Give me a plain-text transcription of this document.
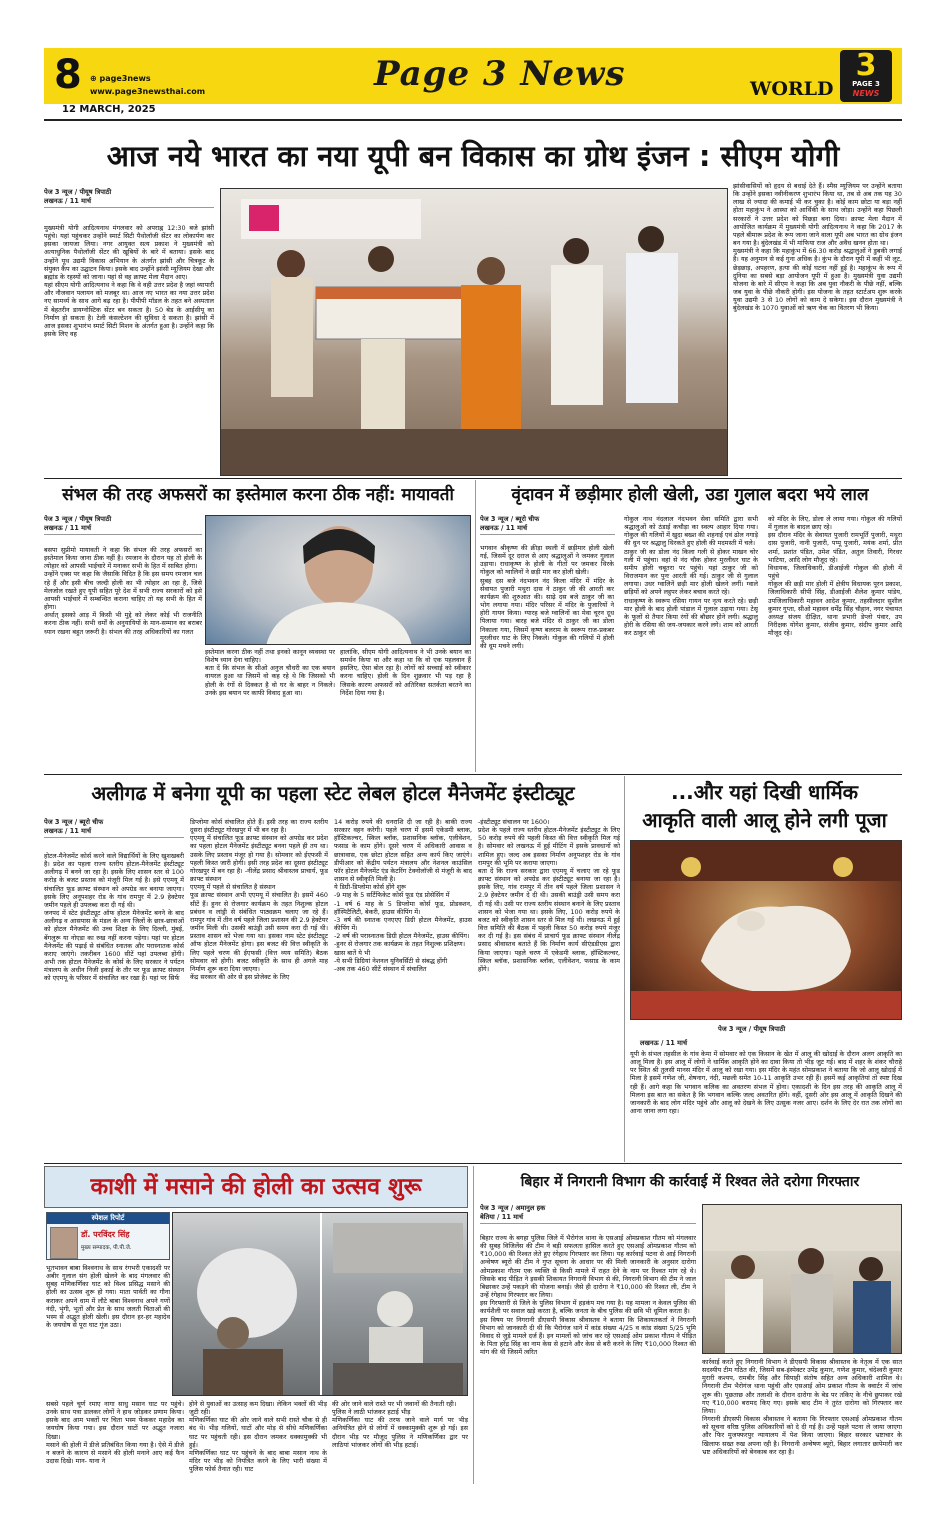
8 ⊕ page3news
www.page3newsthai.com
12 MARCH, 2025
Page 3 News	WORLD
3
PAGE 3
NEWS
आज नये भारत का नया यूपी बन विकास का ग्रोथ इंजन : सीएम योगी
पेज 3 न्यूज / पीयूष त्रिपाठी
लखनऊ / 11 मार्च
मुख्यमंत्री योगी आदित्यनाथ मंगलवार को अपराह्न 12:30 बजे झांसी पहुंचे। यहां पहुंचकर उन्होंने स्मार्ट सिटी पैथोलॉजी सेंटर का लोकार्पण कर इसका जायजा लिया। नगर आयुक्त सत्य प्रकाश ने मुख्यमंत्री को अत्याधुनिक पैथोलॉजी सेंटर की खूबियों के बारे में बताया। इसके बाद उन्होंने यूथ उद्यमी विकास अभियान के अंतर्गत झांसी और चित्रकूट के संयुक्त कैंप का उद्घाटन किया। इसके बाद उन्होंने झांसी म्यूजियम देखा और ब्रह्मांड के रहस्यों को जाना। यहां से वह क्राफ्ट मेला मैदान आए।
यहां सीएम योगी आदित्यनाथ ने कहा कि वे वही उत्तर प्रदेश है जहां व्यापारी और नौजवान पलायन को मजबूर था। आज नए भारत का नया उत्तर प्रदेश नए सामर्थ्य के साथ आगे बढ़ रहा है। पीपीपी मॉडल के तहत बने अस्पताल में बेहतरीन डायग्नोस्टिक सेंटर बन सकता है। 50 बेड के आईसीयू का निर्माण हो सकता है। टेली कंसल्टेशन की सुविधा दे सकता है। झांसी में आज इसका शुभारंभ स्मार्ट सिटी मिशन के अंतर्गत हुआ है। उन्होंने कहा कि इसके लिए वह
झांसीवासियों को हृदय से बधाई देते हैं। स्मैस म्यूजियम पर उन्होंने बताया कि उन्होंने इसका नवीनीकरण शुभारंभ किया था, तब से अब तक यह 30 लाख से ज्यादा की कमाई भी कर चुका है। कोई काम छोटा या बड़ा नहीं होता महाकुंभ ने आस्था को आर्थिकी के साथ जोड़ा। उन्होंने कहा पिछली सरकारों ने उत्तर प्रदेश को पिछड़ा बना दिया। क्राफ्ट मेला मैदान में आयोजित कार्यक्रम में मुख्यमंत्री योगी आदित्यनाथ ने कहा कि 2017 के पहले बीमारू प्रदेश के रूप जाना जाने वाला यूपी अब भारत का ग्रोथ इंजन बन गया है। बुंदेलखंड में भी मांफिया राज और अवैध खनन होता था।
मुख्यमंत्री ने कहा कि महाकुंभ में 66.30 करोड़ श्रद्धालुओं ने डुबकी लगाई है। यह अनुमान से कई गुना अधिक है। कुंभ के दौरान यूपी में कहीं भी लूट, छेड़छाड़, अपहरण, हत्या की कोई घटना नहीं हुई है। महाकुंभ के रूप में दुनिया का सबसे बड़ा आयोजन यूपी में हुआ है। मुख्यमंत्री युवा उद्यमी योजना के बारे में सीएम ने कहा कि अब युवा नौकरी के पीछे नहीं, बल्कि जब युवा के पीछे नौकरी होगी। इस योजना के तहत स्टार्टअप शुरू करके युवा उद्यमी 3 से 10 लोगों को काम दे सकेगा। इस दौरान मुख्यमंत्री ने बुंदेलखंड के 1070 युवाओं को ऋण चेक का वितरण भी किया।
संभल की तरह अफसरों का इस्तेमाल करना ठीक नहीं: मायावती
पेज 3 न्यूज / पीयूष त्रिपाठी
लखनऊ / 11 मार्च
बसपा सुप्रीमो मायावती ने कहा कि संभल की तरह अफसरों का इस्तेमाल किया जाना ठीक नहीं है। रमजान के दौरान यह तो होली के त्योहार को आपसी भाईचारे में मनाकर सभी के हित में साबित होगा।
उन्होंने एक्स पर कहा कि जैसाकि विदित है कि इस समय रमजान चल रहे हैं और इसी बीच जल्दी होली का भी त्योहार आ रहा है, जिसे मेलजोल रखते हुए यूपी सहित पूरे देश में सभी राज्य सरकारों को इसे आपसी भाईचारे में सम्बन्धित कराना चाहिए तो यह सभी के हित में होगा।
अर्थात् इसको आड़ में किसी भी मुद्दे को लेकर कोई भी राजनीति करना ठीक नहीं। सभी धर्मों के अनुयायियों के मान-सम्मान का बराबर ध्यान रखना बहुत जरूरी है। संभल की तरह अधिकारियों का गलत
इस्तेमाल करना ठीक नहीं तथा इनको कानून व्यवस्था पर विशेष ध्यान देना चाहिए।
बता दें कि संभल के सीओ अनुज चौधरी का एक बयान वायरल हुआ था जिसमें वो कह रहे थे कि जिसको भी होली के रंगों से दिक्कत है वो घर के बाहर न निकले। उनके इस बयान पर काफी विवाद हुआ था।
हालांकि, सीएम योगी आदित्यनाथ ने भी उनके बयान का समर्थन किया था और कहा था कि वो एक पहलवान हैं इसलिए, ऐसा बोल रहा है। लोगों को सच्चाई को स्वीकार करना चाहिए। होली के दिन शुक्रवार भी पड़ रहा है जिसके कारण अफसरों को अतिरिक्त सतर्कता बरतने का निर्देश दिया गया है।
वृंदावन में छड़ीमार होली खेली, उडा गुलाल बदरा भये लाल
पेज 3 न्यूज / ब्यूरो चीफ
लखनऊ / 11 मार्च
भगवान श्रीकृष्ण की क्रीड़ा स्थली में छड़ीमार होली खेली गई, जिसमें दूर दराज से आए श्रद्धालुओं ने जमकर गुलाल उड़ाया। राधाकृष्ण के होली के गीतों पर जमकर थिरके गोकुल को ग्वालिनों ने छड़ी मार कर होली खेली।
सुबह दस बजे नंदभवन नंद किला मंदिर में मंदिर के सेवायत पुजारी मथुरा दास ने ठाकुर जी की आरती कर कार्यक्रम की शुरुआत की। साढ़े दस बजे ठाकुर जी का भोग लगाया गया। मंदिर परिसर में मंदिर के पुजारियों ने होरी गायन किया। ग्यारह बजे ग्वालिनों का मेवा चूरन दूध पिलाया गया। बारह बजे मंदिर से ठाकुर जी का डोला निकाला गया, जिसमें कृष्ण बलराम के स्वरूप राज-प्रकबर मुरलीधर घाट के लिए निकले। गोकुल की गलियों में होली की धूम मचने लगी।
गोकुल नाथ नंदलाल नंदभवन सेवा समिति द्वारा सभी श्रद्धालुओं को ठंडाई कचौड़ा का स्वल्प आहार दिया गया। गोकुल की गलियों में खुदा बख्श की शहनाई एवं ढोल नगाड़े की धुन पर श्रद्धालु थिरकते हुए होली की मदमस्ती में चले।
ठाकुर जी का डोला नंद किला गली से होकर माखन चोर गली में पहुंचा। वहां से नंद चौक होकर मुरलीधर घाट के समीप होली चबूतरा पर पहुंचे। यहां ठाकुर जी को विराजमान कर पुनः आरती की गई। ठाकुर जी से गुलाल लगाया। उधर ग्वालिनें छड़ी मार होली खेलने लगीं। ग्वाले छड़ियों को अपने लट्ठपर लेकर बचाव करते रहे।
राधाकृष्ण के स्वरूप रसिया गायन पर नृत्य करते रहे। छड़ी मार होली के बाद होली पांडाल में गुलाल उड़ाया गया। टेसू के फूलों से तैयार किया रंगों की बौछार होने लगी। श्रद्धालु होरी के रसिया की जय-जयकार करने लगे। शाम को आरती कर ठाकुर जी
को मंदिर के लिए, डोला ले लाया गया। गोकुल की गलियों में गुलाल के बादल छाए रहे।
इस दौरान मंदिर के सेवायत पुजारी रामभूर्ति पुजारी, मथुरा दास पुजारी, नानी पुजारी, पप्पू पुजारी, मयंक शर्मा, प्रीत शर्मा, प्रशांत पंडित, उमेश पंडित, अतुल तिवारी, गिरधर भाटिया, आदि लोग मौजूद रहे।
विधायक, जिलाधिकारी, डीआईजी गोकुल की होली में पहुंचे
गोकुल की छड़ी मार होली में क्षेत्रीय विधायक पूरन प्रकाश, जिलाधिकारी सीपी सिंह, डीआईजी शैलेश कुमार पांडेय, उपजिलाधिकारी महावन आदेश कुमार, तहसीलदार सुशील कुमार गुप्ता, सीओ महावन धर्मेंद्र सिंह चौहान, नगर पंचायत अध्यक्ष संजय दीक्षित, थाना प्रभारी डेप्लो पंवार, उप निरीक्षक योगेश कुमार, संजीव कुमार, संदीप कुमार आदि मौजूद रहे।
अलीगढ में बनेगा यूपी का पहला स्टेट लेबल होटल मैनेजमेंट इंस्टीट्यूट
पेज 3 न्यूज / ब्यूरो चीफ
लखनऊ / 11 मार्च
होटल-मैनेजमेंट कोर्स करने वाले विद्यार्थियों के लिए खुशखबरी है। प्रदेश का पहला राज्य स्तरीय होटल-मैनेजमेंट इंस्टीट्यूट अलीगढ़ में बनने जा रहा है। इसके लिए शासन स्तर से 100 करोड़ के बजट प्रस्ताव को मंजूरी मिल गई है। इसे एएमयू में संचालित फूड क्राफ्ट संस्थान को अपग्रेड कर बनाया जाएगा। इसके लिए अनूपशहर रोड के गांव रामपुर में 2.9 हेक्टेयर जमीन पहले ही उपलब्ध करा दी गई थी।
जनपद में स्टेट इंस्टीट्यूट ऑफ होटल मैनेजमेंट बनने के बाद अलीगढ़ व आसपास के मंडल के अन्य जिलों के छात्र-छात्राओं को होटल मैनेजमेंट की उच्च शिक्षा के लिए दिल्ली, मुंबई, बेंगलुरू या नोएडा का रुख नहीं करना पड़ेगा। यहां पर होटल मैनेजमेंट की पढ़ाई से संबंधित स्नातक और परास्नातक कोर्स कराए जाएंगे। तकरीबन 1600 सीटें यहां उपलब्ध होंगी। अभी तक होटल मैनेजमेंट के कोर्स के लिए सरकार ने पर्यटन मंत्रालय के अधीन निजी इकाई के तौर पर फूड क्राफ्ट संस्थान को एएमयू के परिसर में संचालित कर रखा है। यहां पर सिर्फ
डिप्लोमा कोर्स संचालित होते हैं। इसी तरह का राज्य स्तरीय दूसरा इंस्टीट्यूट गोरखपुर में भी बन रहा है।
एएमयू में संचालित फूड क्राफ्ट संस्थान को अपग्रेड कर प्रदेश का पहला होटल मैनेजमेंट इंस्टीट्यूट बनना पहले ही तय था। उसके लिए प्रस्ताव मंजूर हो गया है। सोमवार को ईएफसी में पहली किस्त जारी होगी। इसी तरह प्रदेश का दूसरा इंस्टीट्यूट गोरखपुर में बन रहा है। -नीलेंद्र प्रसाद श्रीवास्तव प्राचार्य, फूड क्राफ्ट संस्थान
एएमयू में पहले से संचालित है संस्थान
फूड क्राफ्ट संस्थान अभी एएमयू में संचालित है। इसमें 460 सीटें हैं। हुनर से रोजगार कार्यक्रम के तहत निशुल्क होटल प्रबंधन व लांड्री से संबंधित पाठ्यक्रम चलाए जा रहे हैं। रामपुर गांव में तीन वर्ष पहले जिला प्रशासन की 2.9 हेक्टेयर जमीन मिली थी। उसकी बाउंड्री उसी समय करा दी गई थी। प्रस्ताव शासन को भेजा गया था। इसका नाम स्टेट इंस्टीट्यूट ऑफ होटल मैनेजमेंट होगा। इस बजट की वित्त स्वीकृति के लिए पहले चरण की ईएफसी (वित्त व्यय समिति) बैठक सोमवार को होगी। बजट स्वीकृति के साथ ही अगले माह निर्माण शुरू करा दिया जाएगा।
केंद्र सरकार की ओर से इस प्रोजेक्ट के लिए
14 करोड़ रुपये की धनराशि दी जा रही है। बाकी राज्य सरकार वहन करेगी। पहले चरण में इसमें एकेडमी ब्लाक, हॉस्टिकल्चर, स्किल ब्लॉक, प्रशासनिक ब्लॉक, एलीवेशन, फसाड के काम होंगे। दूसरे चरण में अधिकारी आवास व छात्रावास, एक छोटा होटल सहित अन्य कार्य किए जाएंगे। डीपीआर को केंद्रीय पर्यटन मंत्रालय और नेशनल काउंसिल फॉर होटल मैनेजमेंट एंड केटरिंग टेक्नोलॉजी से मंजूरी के बाद शासन से स्वीकृति मिली है।
ये डिग्री-डिप्लोमा कोर्स होंगे शुरू
-9 माह के 5 सर्टिफिकेट कोर्स फूड एंड प्रोसेसिंग में
-1 वर्ष 6 माह के 5 डिप्लोमा कोर्स फूड, प्रोडक्शन, हॉस्पिटैलिटी, बेकरी, हाउस कीपिंग में।
-3 वर्ष की स्नातक एनएएए डिग्री होटल मैनेजमेंट, हाउस कीपिंग में।
-2 वर्ष की परास्नातक डिग्री होटल मैनेजमेंट, हाउस कीपिंग।
-हुनर से रोजगार तक कार्यक्रम के तहत निशुल्क प्रशिक्षण।
खास बातें ये भी
-ये सभी डिग्रियां नेशनल यूनिवर्सिटी से संबद्ध होंगी
-अब तक 460 सीटें संस्थान में संचालित
-इंस्टीट्यूट संचालन पर 1600।
प्रदेश के पहले राज्य स्तरीय होटल-मैनेजमेंट इंस्टीट्यूट के लिए 50 करोड़ रुपये की पहली किस्त की वित्त स्वीकृति मिल गई है। सोमवार को लखनऊ में हुई मीटिंग में इसके प्रावधानों को शामिल हुए। जल्द अब इसका निर्माण अनूपशहर रोड के गांव रामपुर की भूमि पर कराया जाएगा।
बता दें कि राज्य सरकार द्वारा एएमयू में चलाए जा रहे फूड क्राफ्ट संस्थान को अपग्रेड कर इंस्टीट्यूट बनाया जा रहा है। इसके लिए, गांव रामपुर में तीन वर्ष पहले जिला प्रशासन ने 2.9 हेक्टेयर जमीन दे दी थी। उसकी बाउंड्री उसी समय करा दी गई थी। उसी पर राज्य स्तरीय संस्थान बनाने के लिए प्रस्ताव शासन को भेजा गया था। इसके लिए, 100 करोड़ रुपये के बजट को स्वीकृति शासन स्तर से मिल गई थी। लखनऊ में हुई वित्त समिति की बैठक में पहली किस्त 50 करोड़ रुपये मंजूर कर दी गई है। इस संबंध में प्राचार्य फूड क्राफ्ट संस्थान नीलेंद्र प्रसाद श्रीवास्तव बताते हैं कि निर्माण कार्य सीएंडडीएस द्वारा किया जाएगा। पहले चरण में एकेडमी ब्लाक, हॉस्टिकल्चर, स्किल ब्लॉक, प्रशासनिक ब्लॉक, एलीवेशन, फसाड के काम होंगे।
...और यहां दिखी धार्मिक
आकृति वाली आलू होने लगी पूजा
पेज 3 न्यूज / पीयूष त्रिपाठी
लखनऊ / 11 मार्च
यूपी के संभल तहसील के गांव केमा में सोमवार को एक किसान के खेत में आलू की खोदाई के दौरान अलग आकृति का आलू मिला है। इस आलू में लोगों ने धार्मिक आकृति होने का दावा किया तो भीड़ जुट गई। बाद में शहर के शंकर चौराहे पर स्थित श्री तुलसी मानस मंदिर में आलू को रखा गया। इस मंदिर के महंत सोमप्रकाश ने बताया कि जो आलू खोदाई में मिला है इसमें गणेश जी, शेषनाग, नंदी, मछली समेत 10-11 आकृति उभर रही हैं। इसमें कई आकृतियां तो स्पष्ट दिख रही हैं। आगे कहा कि भगवान कलिक का अवतरण संभल में होना। एकादशी के दिन इस तरह की आकृति आलू में मिलना इस बात का संकेत है कि भगवान कल्कि जल्द अवतरित होंगे। वहीं, दूसरी ओर इस आलू में आकृति दिखने की जानकारी के बाद लोग मंदिर पहुंचे और आलू को देखने के लिए उत्सुक नजर आए। दर्शन के लिए देर रात तक लोगों का आना जाना लगा रहा।
काशी में मसाने की होली का उत्सव शुरू
स्पेशल रिपोर्ट
डॉ. परविंदर सिंह
मुख्य सम्पादक, पी.पी.जे.
भूतभावन बाबा विश्वनाथ के साथ रंगभरी एकादशी पर अबीर गुलाल संग होली खेलने के बाद मंगलवार की सुबह मणिकर्णिका घाट को विश्व प्रसिद्ध मसाने की होली का उत्सव शुरू हो गया। माता पार्वती का गौना कराकर अपने धाम में लौटे बाबा विश्वनाथ अपने गणों नंदी, भृंगी, भूतों और प्रेत के साथ जलती चिताओं की भस्म से अद्भुत होली खेली। इस दौरान हर-हर महादेव के जयघोष से पूरा घाट गूंज उठा।
सबसे पहले चूर्ण रमाए नागा साधु मसान घाट पर पहुंचे। उनके साथ पत्रा डालकर लोगों ने हाथ जोड़कर प्रणाम किया। इसके बाद आम भक्तों पर चिता भस्म फेंककर महादेव का जयघोष किया गया। इस दौरान घाटों पर अद्भुत नजारा दिखा।
मसाने की होली में डीजे प्रतिबंधित किया गया है। ऐसे में डीजे न बजने के कारण से मसाने की होली मनाने आए कई फैन उदास दिखे। मान- याना ने
होने से युवाओं का उत्साह कम दिखा। लेकिन भक्तों की भीड़ जुटी रही।
मणिकर्णिका घाट की ओर जाने वाले सभी रास्ते चौक से ही बंद थे। भीड़ गलियों, घाटों और मोड़ से सीधे मणिकर्णिका घाट पर पहुंचती रही। इस दौरान जमकर धक्कामुक्की भी हुई।
मणिकर्णिका घाट पर पहुंचने के बाद बाबा मसान नाथ के मंदिर पर भीड़ को नियंत्रित करने के लिए भारी संख्या में पुलिस फोर्स तैनात रही। घाट
की ओर जाने वाले रास्ते पर भी जवानों की तैनाती रही।
पुलिस ने लाठी भांजकर हटाई भीड़
मणिकर्णिका घाट की तरफ जाने वाले मार्ग पर भीड़ अनियंत्रित होने से लोगों में धक्कामुक्की शुरू हो गई। इस दौरान भीड़ पर मौजूद पुलिस ने मणिकर्णिका द्वार पर लाठियां भांजकर लोगों की भीड़ हटाई।
बिहार में निगरानी विभाग की कार्रवाई में रिश्वत लेते दरोगा गिरफ्तार
पेज 3 न्यूज / अमानुल हक
बेतिया / 11 मार्च
बिहार राज्य के बगहा पुलिस जिले में भैरोगंज थाना के एसआई ओमप्रकाश गौतम को मंगलवार की सुबह विजिलेंस की टीम ने बड़ी सफलता हासिल करते हुए एसआई ओमप्रकाश गौतम को ₹10,000 की रिश्वत लेते हुए रंगेहाथ गिरफ्तार कर लिया। यह कार्रवाई पटना से आई निगरानी अन्वेषण ब्यूरो की टीम ने गुप्त सूचना के आधार पर की मिली जानकारी के अनुसार दारोगा ओमप्रकाश गौतम एक व्यक्ति से किसी मामले में राहत देने के नाम पर रिश्वत मांग रहे थे। जिसके बाद पीड़ित ने इसकी शिकायत निगरानी विभाग से की, निगरानी विभाग की टीम ने जाल बिछाकर उन्हें पकड़ने की योजना बनाई। जैसे ही दारोगा ने ₹10,000 की रिश्वत ली, टीम ने उन्हें रंगेहाथ गिरफ्तार कर लिया।
इस गिरफ्तारी से जिले के पुलिस विभाग में हड़कंप मच गया है। यह मामला न केवल पुलिस की कार्यशैली पर सवाल खड़े करता है, बल्कि जनता के बीच पुलिस की छवि भी धूमिल करता है।
इस विषय पर निगरानी डीएसपी विकास श्रीवास्तव ने बताया कि शिकायतकर्ता ने निगरानी विभाग को जानकारी दी थी कि भैरोगंज थाने में कांड संख्या 4/25 व कांड संख्या 5/25 भूमि विवाद से जुड़े मामले दर्ज हैं। इन मामलों को जांच कर रहे एसआई ओम प्रकाश गौतम ने पीड़ित के पिता हरेंद्र सिंह का नाम केस से हटाने और केस से बरी करने के लिए ₹10,000 रिश्वत की मांग की थी जिसमें त्वरित
कार्रवाई करते हुए निगरानी विभाग ने डीएसपी विकास श्रीवास्तव के नेतृत्व में एक सात सदस्यीय टीम गठित की, जिसमें सब-इंस्पेक्टर उपेंद्र कुमार, गणेश कुमार, चंदेश्वरी कुमार मुरारी कश्यप, रामबीर सिंह और सिपाही संतोष सहित अन्य अधिकारी शामिल थे। निगरानी टीम भैरोगंज थाना पहुंची और एसआई ओम प्रकाश गौतम के क्वार्टर में जांच शुरू की। पूछताछ और तलाशी के दौरान दारोगा के बेड पर तकिए के नीचे छुपाकर रखे गए ₹10,000 बरामद किए गए। इसके बाद टीम ने तुरंत दारोगा को गिरफ्तार कर लिया।
निगरानी डीएसपी विकास श्रीवास्तव ने बताया कि गिरफ्तार एसआई ओमप्रकाश गौतम को सूचना वरिष्ठ पुलिस अधिकारियों को दे दी गई है। उन्हें पहले पटना ले जाया जाएगा और फिर मुजफ्फरपुर न्यायालय में पेश किया जाएगा। बिहार सरकार भ्रष्टाचार के खिलाफ सख्त रुख अपना रही है। निगरानी अन्वेषण ब्यूरो, बिहार लगातार छापेमारी कर भ्रष्ट अधिकारियों को बेनकाब कर रहा है।
